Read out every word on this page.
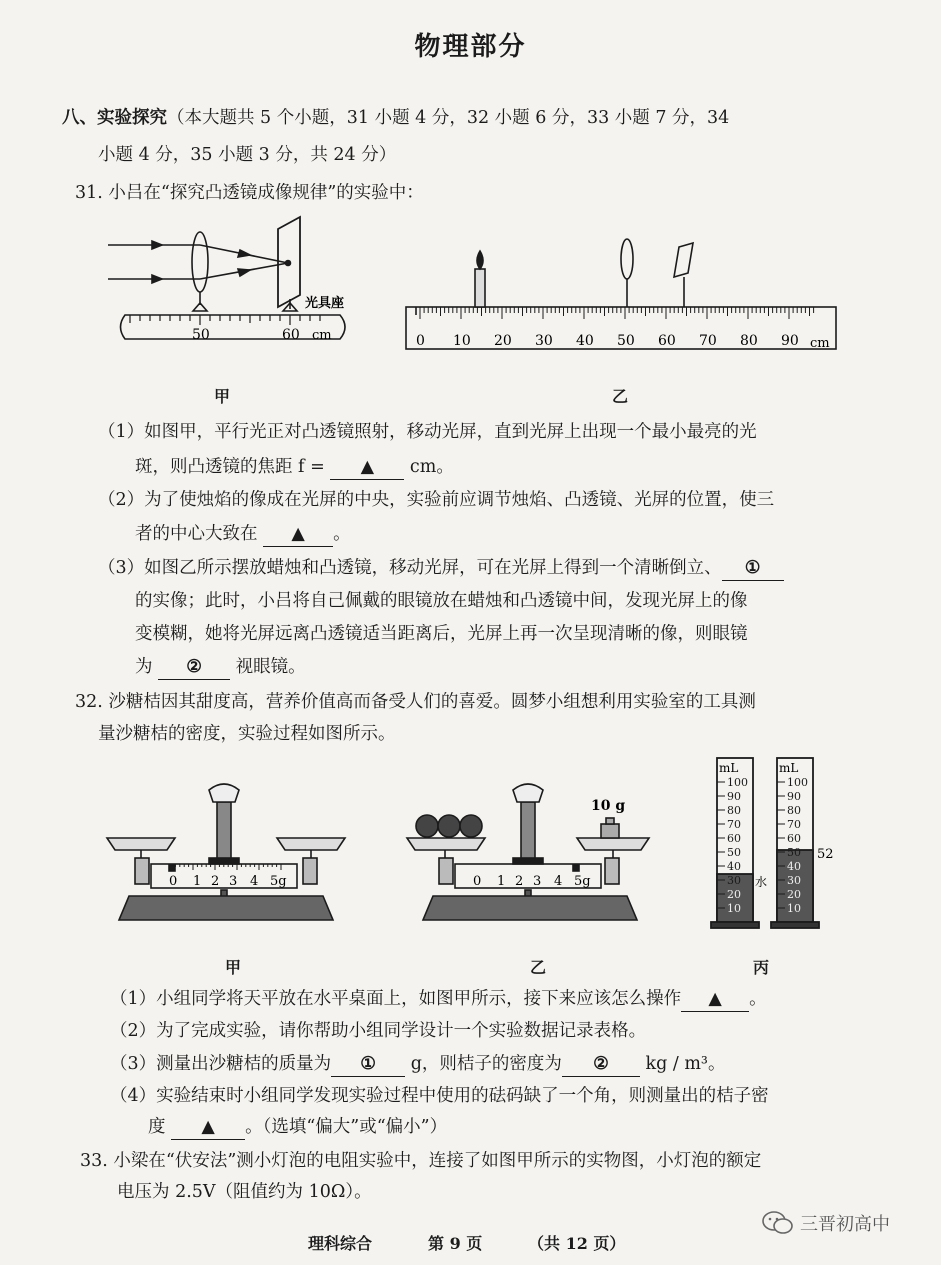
物理部分
八、实验探究（本大题共 5 个小题，31 小题 4 分，32 小题 6 分，33 小题 7 分，34
小题 4 分，35 小题 3 分，共 24 分）
31. 小吕在“探究凸透镜成像规律”的实验中：
50	60 cm
光具座
甲
0 10 20 30 40 50 60 70 80 90 cm
乙
（1）如图甲，平行光正对凸透镜照射，移动光屏，直到光屏上出现一个最小最亮的光
斑，则凸透镜的焦距 f = ▲ cm。
（2）为了使烛焰的像成在光屏的中央，实验前应调节烛焰、凸透镜、光屏的位置，使三
者的中心大致在 ▲ 。
（3）如图乙所示摆放蜡烛和凸透镜，移动光屏，可在光屏上得到一个清晰倒立、 ①
的实像；此时，小吕将自己佩戴的眼镜放在蜡烛和凸透镜中间，发现光屏上的像
变模糊，她将光屏远离凸透镜适当距离后，光屏上再一次呈现清晰的像，则眼镜
为 ② 视眼镜。
32. 沙糖桔因其甜度高，营养价值高而备受人们的喜爱。圆梦小组想利用实验室的工具测
量沙糖桔的密度，实验过程如图所示。
0 1 2 3 4 5g	0 1 2 3 4 5g
10 g
mL	mL
100
90
80
70
60
50
40
30
20
10
100
90
80
70
60
50
40
30
20
10
水
52
甲	乙	丙
（1）小组同学将天平放在水平桌面上，如图甲所示，接下来应该怎么操作 ▲ 。
（2）为了完成实验，请你帮助小组同学设计一个实验数据记录表格。
（3）测量出沙糖桔的质量为 ① g，则桔子的密度为 ② kg / m³。
（4）实验结束时小组同学发现实验过程中使用的砝码缺了一个角，则测量出的桔子密
度 ▲ 。（选填“偏大”或“偏小”）
33. 小梁在“伏安法”测小灯泡的电阻实验中，连接了如图甲所示的实物图，小灯泡的额定
电压为 2.5V（阻值约为 10Ω）。
理科综合	第 9 页	（共 12 页）
三晋初高中
